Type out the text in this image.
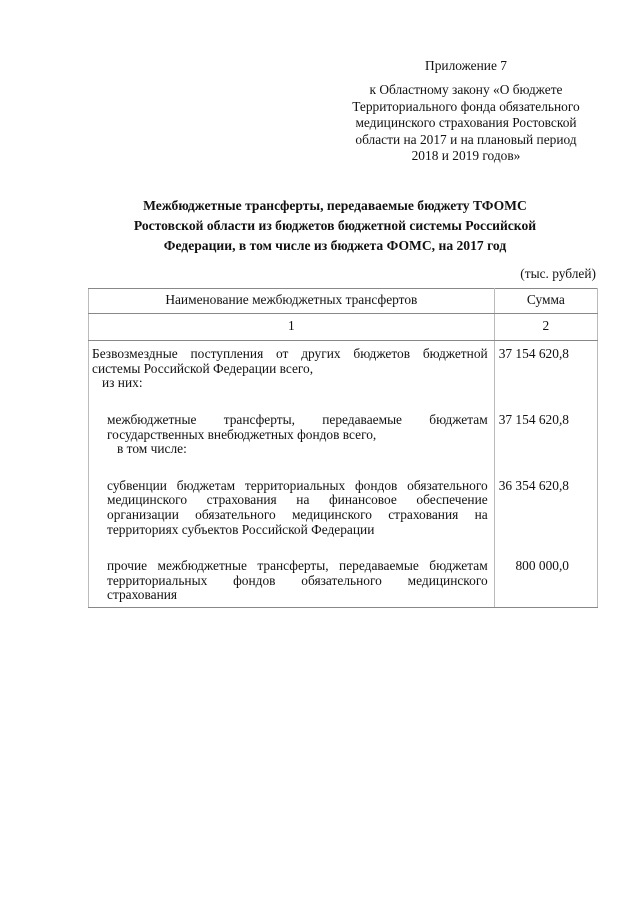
Приложение 7
к Областному закону «О бюджете
Территориального фонда обязательного
медицинского страхования Ростовской
области на 2017 и на плановый период
2018 и 2019 годов»
Межбюджетные трансферты, передаваемые бюджету ТФОМС
Ростовской области из бюджетов бюджетной системы Российской
Федерации, в том числе из бюджета ФОМС, на 2017 год
(тыс. рублей)
Наименование межбюджетных трансфертов	Сумма
1	2
Безвозмездные поступления от других бюджетов бюджетной системы Российской Федерации всего,
из них:	37 154 620,8
межбюджетные трансферты, передаваемые бюджетам государственных внебюджетных фондов всего,
в том числе:	37 154 620,8
субвенции бюджетам территориальных фондов обязательного медицинского страхования на финансовое обеспечение организации обязательного медицинского страхования на территориях субъектов Российской Федерации	36 354 620,8
прочие межбюджетные трансферты, передаваемые бюджетам территориальных фондов обязательного медицинского страхования	800 000,0
